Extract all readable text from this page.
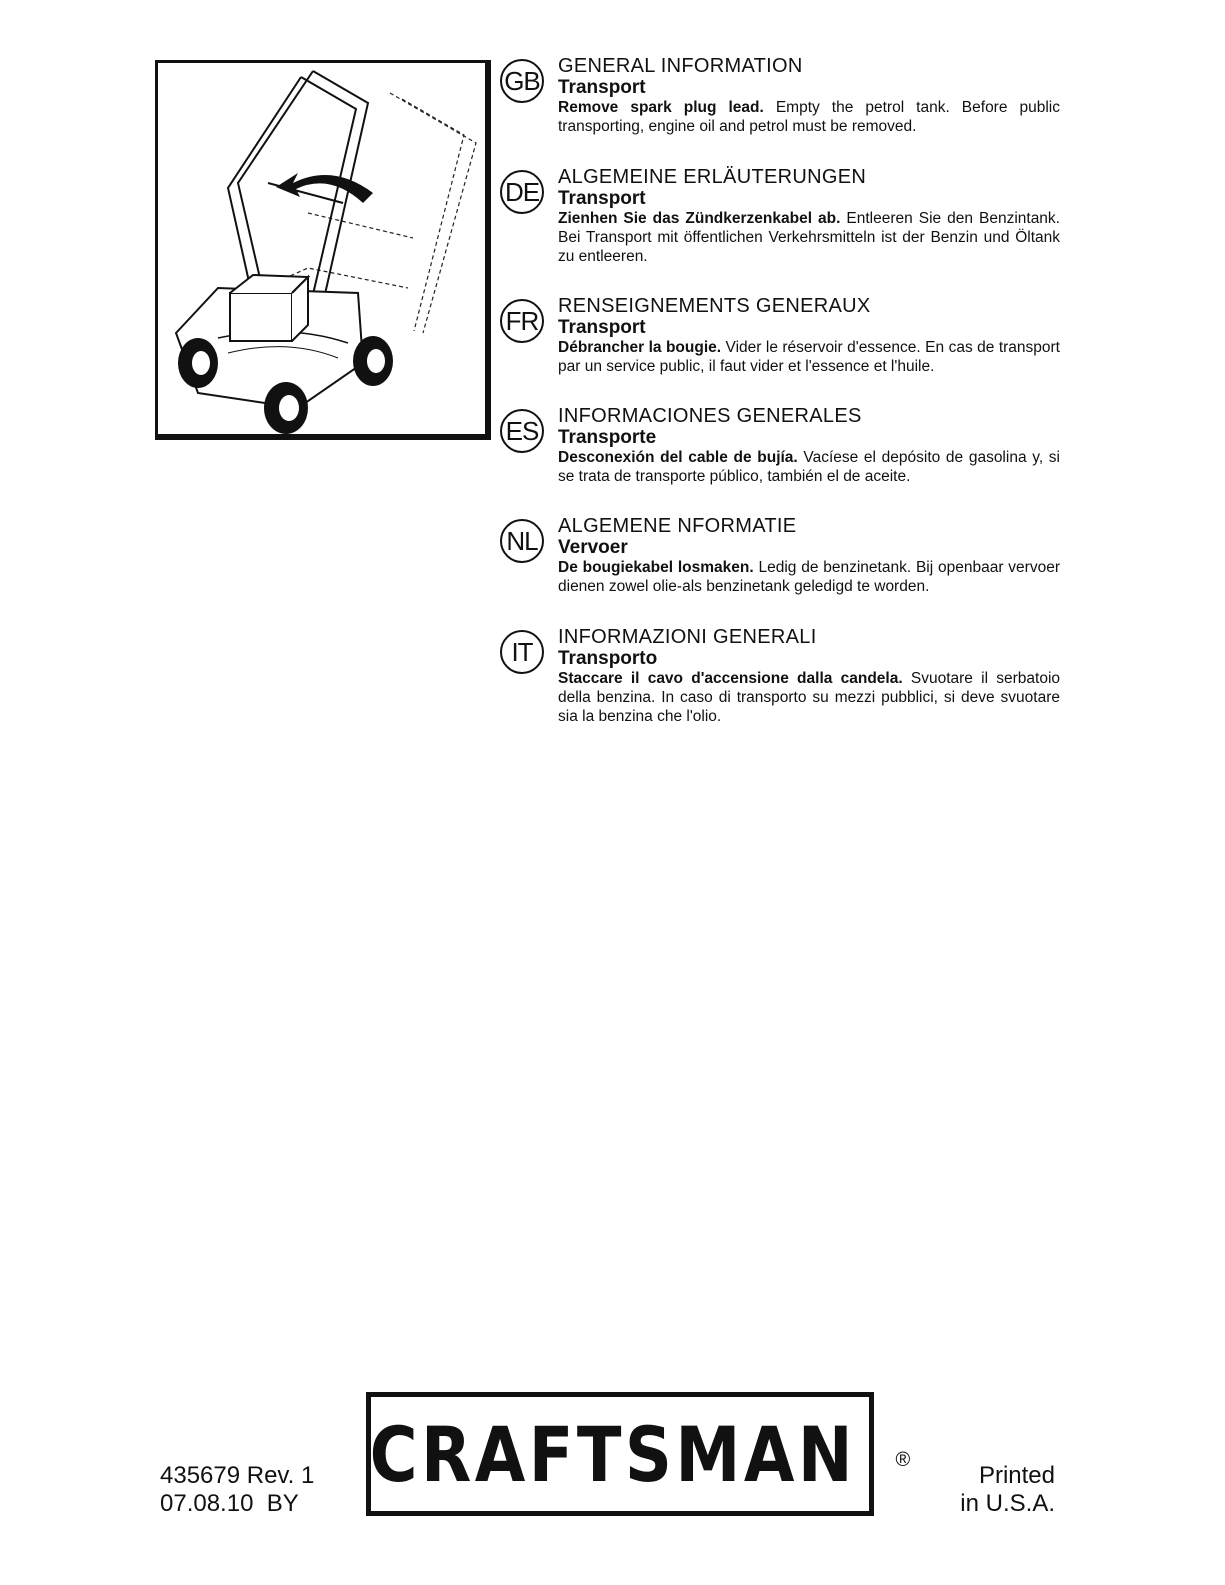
GB GENERAL INFORMATION
Transport
Remove spark plug lead. Empty the petrol tank. Before public transporting, engine oil and petrol must be removed.
DE ALGEMEINE ERLÄUTERUNGEN
Transport
Zienhen Sie das Zündkerzenkabel ab. Entleeren Sie den Benzintank. Bei Transport mit öffentlichen Verkehrsmitteln ist der Benzin und Öltank zu entleeren.
FR RENSEIGNEMENTS GENERAUX
Transport
Débrancher la bougie. Vider le réservoir d'essence. En cas de transport par un service public, il faut vider et l'essence et l'huile.
ES INFORMACIONES GENERALES
Transporte
Desconexión del cable de bujía. Vacíese el depósito de gasolina y, si se trata de transporte público, también el de aceite.
NL	ALGEMENE NFORMATIE
Vervoer
De bougiekabel losmaken. Ledig de benzinetank. Bij openbaar vervoer dienen zowel olie-als benzinetank geledigd te worden.
IT	INFORMAZIONI GENERALI
Transporto
Staccare il cavo d'accensione dalla candela. Svuotare il serbatoio della benzina. In caso di transporto su mezzi pubblici, si deve svuotare sia la benzina che l'olio.
435679 Rev. 1
07.08.10  BY
CRAFTSMAN ®
Printed
in U.S.A.
